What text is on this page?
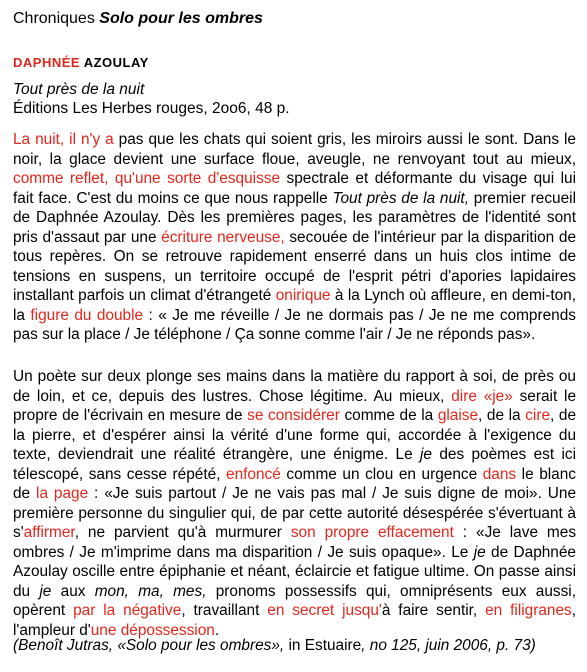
Chroniques Solo pour les ombres
DAPHNÉE AZOULAY
Tout près de la nuit
Éditions Les Herbes rouges, 2oo6, 48 p.

La nuit, il n'y a pas que les chats qui soient gris, les miroirs aussi le sont. Dans le noir, la glace devient une surface floue, aveugle, ne renvoyant tout au mieux, comme reflet, qu'une sorte d'esquisse spectrale et déformante du visage qui lui fait face. C'est du moins ce que nous rappelle Tout près de la nuit, premier recueil de Daphnée Azoulay. Dès les premières pages, les paramètres de l'identité sont pris d'assaut par une écriture nerveuse, secouée de l'intérieur par la disparition de tous repères. On se retrouve rapidement enserré dans un huis clos intime de tensions en suspens, un territoire occupé de l'esprit pétri d'apories lapidaires installant parfois un climat d'étrangeté onirique à la Lynch où affleure, en demi-ton, la figure du double : « Je me réveille / Je ne dormais pas / Je ne me comprends pas sur la place / Je téléphone / Ça sonne comme l'air / Je ne réponds pas».

Un poète sur deux plonge ses mains dans la matière du rapport à soi, de près ou de loin, et ce, depuis des lustres. Chose légitime. Au mieux, dire «je» serait le propre de l'écrivain en mesure de se considérer comme de la glaise, de la cire, de la pierre, et d'espérer ainsi la vérité d'une forme qui, accordée à l'exigence du texte, deviendrait une réalité étrangère, une énigme. Le je des poèmes est ici télescopé, sans cesse répété, enfoncé comme un clou en urgence dans le blanc de la page : «Je suis partout / Je ne vais pas mal / Je suis digne de moi». Une première personne du singulier qui, de par cette autorité désespérée s'évertuant à s'affirmer, ne parvient qu'à murmurer son propre effacement : «Je lave mes ombres / Je m'imprime dans ma disparition / Je suis opaque». Le je de Daphnée Azoulay oscille entre épiphanie et néant, éclaircie et fatigue ultime. On passe ainsi du je aux mon, ma, mes, pronoms possessifs qui, omniprésents eux aussi, opèrent par la négative, travaillant en secret jusqu'à faire sentir, en filigranes, l'ampleur d'une dépossession.

(Benoît Jutras, «Solo pour les ombres», in Estuaire, no 125, juin 2006, p. 73)
